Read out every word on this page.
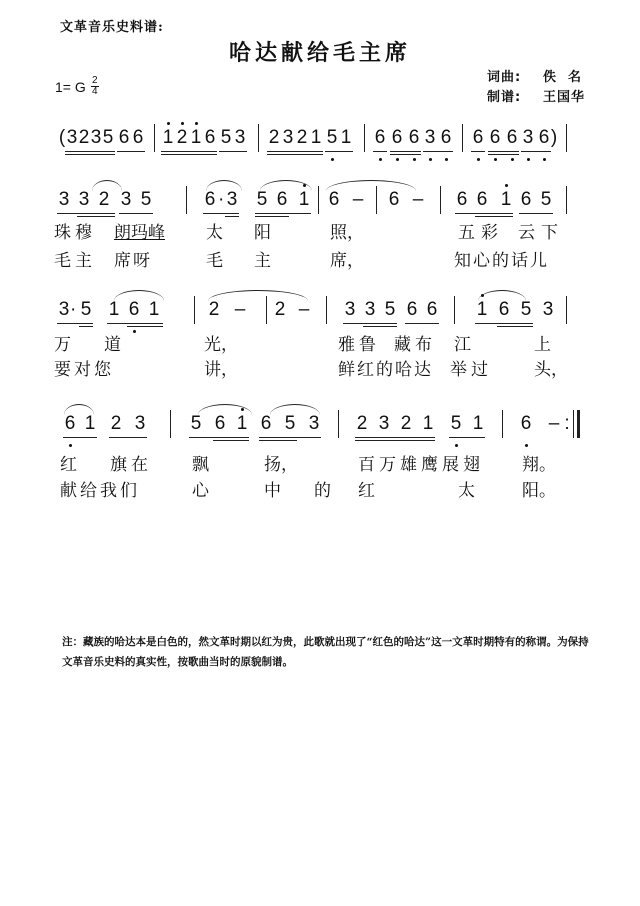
文革音乐史料谱:
哈达献给毛主席
1= G $\frac{2}{4}$	词曲:	佚  名
制谱:	王国华
( 3 2 3 5 6 6 1 2 1 6 5 3 2 3 2 1 5 1 6 6 6 3 6 6 6 6 3 6 )
3 3 2 3 5	6 · 3 5 6 1 6 – 6 – 6 6 1 6 5
珠穆 朗玛峰 太 阳	照，	五彩 云下
毛主 席呀	毛 主	席，	知心的话儿
3 · 5 1 6 1	2 – 2 – 3 3 5 6 6 1 6 5 3
万 道	光，	雅鲁 藏布 江	上
要对您	讲，	鲜红的哈达 举过 头，
6 1 2 3 5 6 1 6 5 3 2 3 2 1 5 1 6 – :
红 旗在 飘	扬，	百万雄鹰展翅 翔。
献给我们	心	中 的 红	太	阳。
注：藏族的哈达本是白色的，然文革时期以红为贵，此歌就出现了“红色的哈达”这一文革时期特有的称谓。为保持文革音乐史料的真实性，按歌曲当时的原貌制谱。
